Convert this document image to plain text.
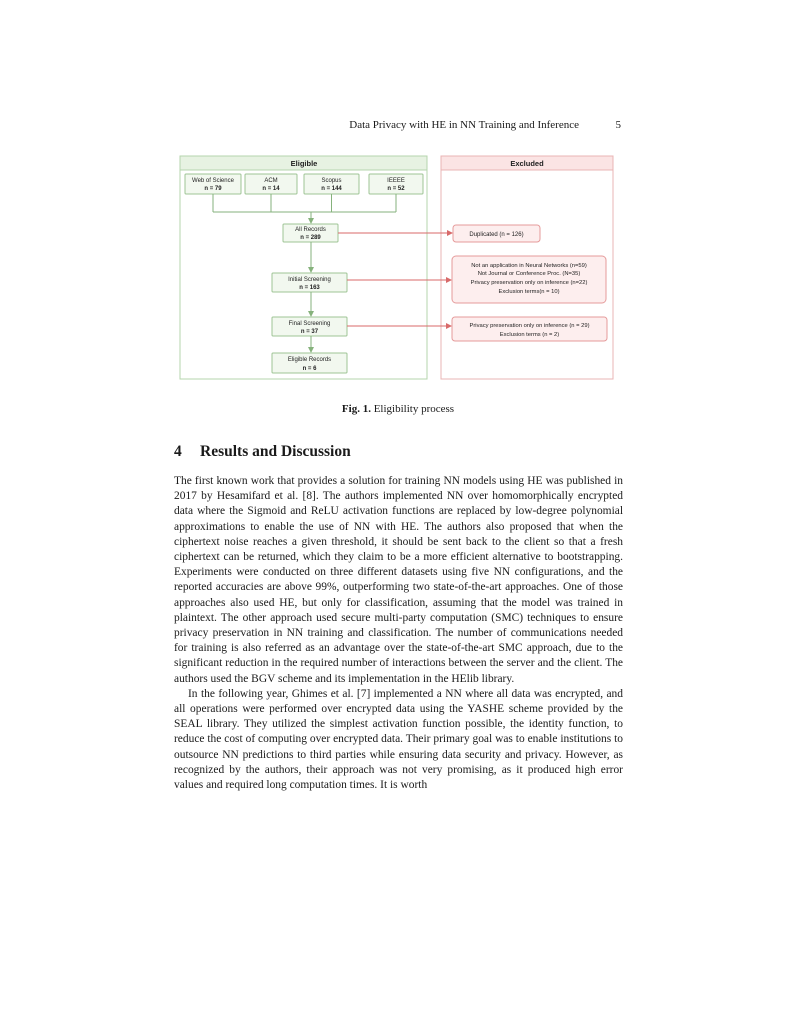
Data Privacy with HE in NN Training and Inference	5
Eligible	Excluded
Web of Science
n = 79
ACM
n = 14
Scopus
n = 144
IEEEE
n = 52
All Records
n = 289	Duplicated (n = 126)
Initial Screening
n = 163
Not an application in Neural Networks (n=59)
Not Journal or Conference Proc. (N=35)
Privacy preservation only on inference (n=22)
Exclusion terms(n = 10)
Final Screening
n = 37
Privacy preservation only on inference (n = 29)
Exclusion terms (n = 2)
Eligible Records
n = 6
Fig. 1. Eligibility process
4 Results and Discussion

The first known work that provides a solution for training NN models using HE was published in 2017 by Hesamifard et al. [8]. The authors implemented NN over homomorphically encrypted data where the Sigmoid and ReLU activation functions are replaced by low-degree polynomial approximations to enable the use of NN with HE. The authors also proposed that when the ciphertext noise reaches a given threshold, it should be sent back to the client so that a fresh ciphertext can be returned, which they claim to be a more efficient alternative to bootstrapping. Experiments were conducted on three different datasets using five NN configurations, and the reported accuracies are above 99%, outperforming two state-of-the-art approaches. One of those approaches also used HE, but only for classification, assuming that the model was trained in plaintext. The other approach used secure multi-party computation (SMC) techniques to ensure privacy preservation in NN training and classification. The number of communications needed for training is also referred as an advantage over the state-of-the-art SMC approach, due to the significant reduction in the required number of interactions between the server and the client. The authors used the BGV scheme and its implementation in the HElib library.

In the following year, Ghimes et al. [7] implemented a NN where all data was encrypted, and all operations were performed over encrypted data using the YASHE scheme provided by the SEAL library. They utilized the simplest activation function possible, the identity function, to reduce the cost of computing over encrypted data. Their primary goal was to enable institutions to outsource NN predictions to third parties while ensuring data security and privacy. However, as recognized by the authors, their approach was not very promising, as it produced high error values and required long computation times. It is worth
